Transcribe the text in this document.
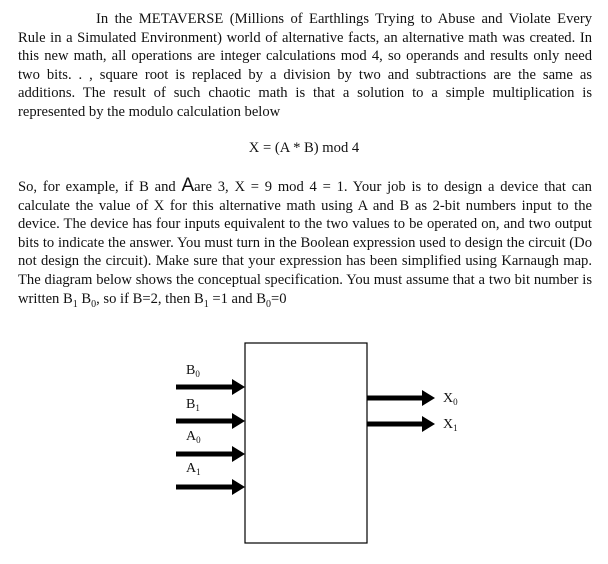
In the METAVERSE (Millions of Earthlings Trying to Abuse and Violate Every Rule in a Simulated Environment) world of alternative facts, an alternative math was created. In this new math, all operations are integer calculations mod 4, so operands and results only need two bits. . , square root is replaced by a division by two and subtractions are the same as additions. The result of such chaotic math is that a solution to a simple multiplication is represented by the modulo calculation below

X = (A * B) mod 4

So, for example, if B and Aare 3, X = 9 mod 4 = 1. Your job is to design a device that can calculate the value of X for this alternative math using A and B as 2-bit numbers input to the device. The device has four inputs equivalent to the two values to be operated on, and two output bits to indicate the answer. You must turn in the Boolean expression used to design the circuit (Do not design the circuit). Make sure that your expression has been simplified using Karnaugh map. The diagram below shows the conceptual specification. You must assume that a two bit number is written $B_1$ $B_0$, so if B=2, then $B_1 =1$ and $B_0=0$

$B_0$
$B_1$
$A_0$
$A_1$
$X_0$
$X_1$
